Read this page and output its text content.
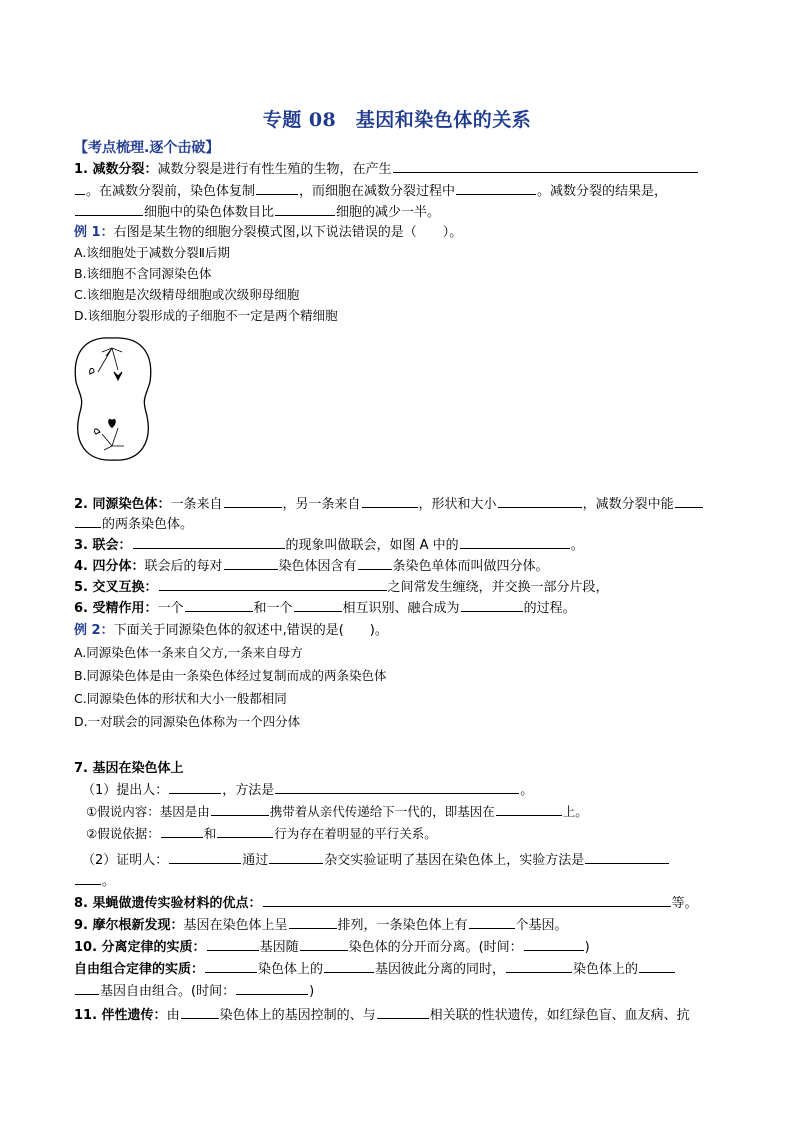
专题 08　基因和染色体的关系
【考点梳理.逐个击破】
1. 减数分裂：减数分裂是进行有性生殖的生物，在产生
。在减数分裂前，染色体复制	，而细胞在减数分裂过程中	。减数分裂的结果是，
细胞中的染色体数目比	细胞的减少一半。
例 1：右图是某生物的细胞分裂模式图,以下说法错误的是（　　）。
A.该细胞处于减数分裂Ⅱ后期
B.该细胞不含同源染色体
C.该细胞是次级精母细胞或次级卵母细胞
D.该细胞分裂形成的子细胞不一定是两个精细胞
2. 同源染色体：一条来自	，另一条来自	，形状和大小	，减数分裂中能
的两条染色体。
3. 联会：	的现象叫做联会，如图 A 中的	。
4. 四分体：联会后的每对	染色体因含有	条染色单体而叫做四分体。
5. 交叉互换：	之间常发生缠绕，并交换一部分片段，
6. 受精作用：一个	和一个	相互识别、融合成为	的过程。
例 2：下面关于同源染色体的叙述中,错误的是(　　)。
A.同源染色体一条来自父方,一条来自母方
B.同源染色体是由一条染色体经过复制而成的两条染色体
C.同源染色体的形状和大小一般都相同
D.一对联会的同源染色体称为一个四分体
7. 基因在染色体上
（1）提出人：	，方法是	。
①假说内容：基因是由	携带着从亲代传递给下一代的，即基因在	上。
②假说依据：	和	行为存在着明显的平行关系。
（2）证明人：	通过	杂交实验证明了基因在染色体上，实验方法是
。
8. 果蝇做遗传实验材料的优点：	等。
9. 摩尔根新发现：基因在染色体上呈	排列，一条染色体上有	个基因。
10. 分离定律的实质：	基因随	染色体的分开而分离。(时间：	)
自由组合定律的实质：	染色体上的	基因彼此分离的同时，	染色体上的
基因自由组合。(时间：	)
11. 伴性遗传：由	染色体上的基因控制的、与	相关联的性状遗传，如红绿色盲、血友病、抗
